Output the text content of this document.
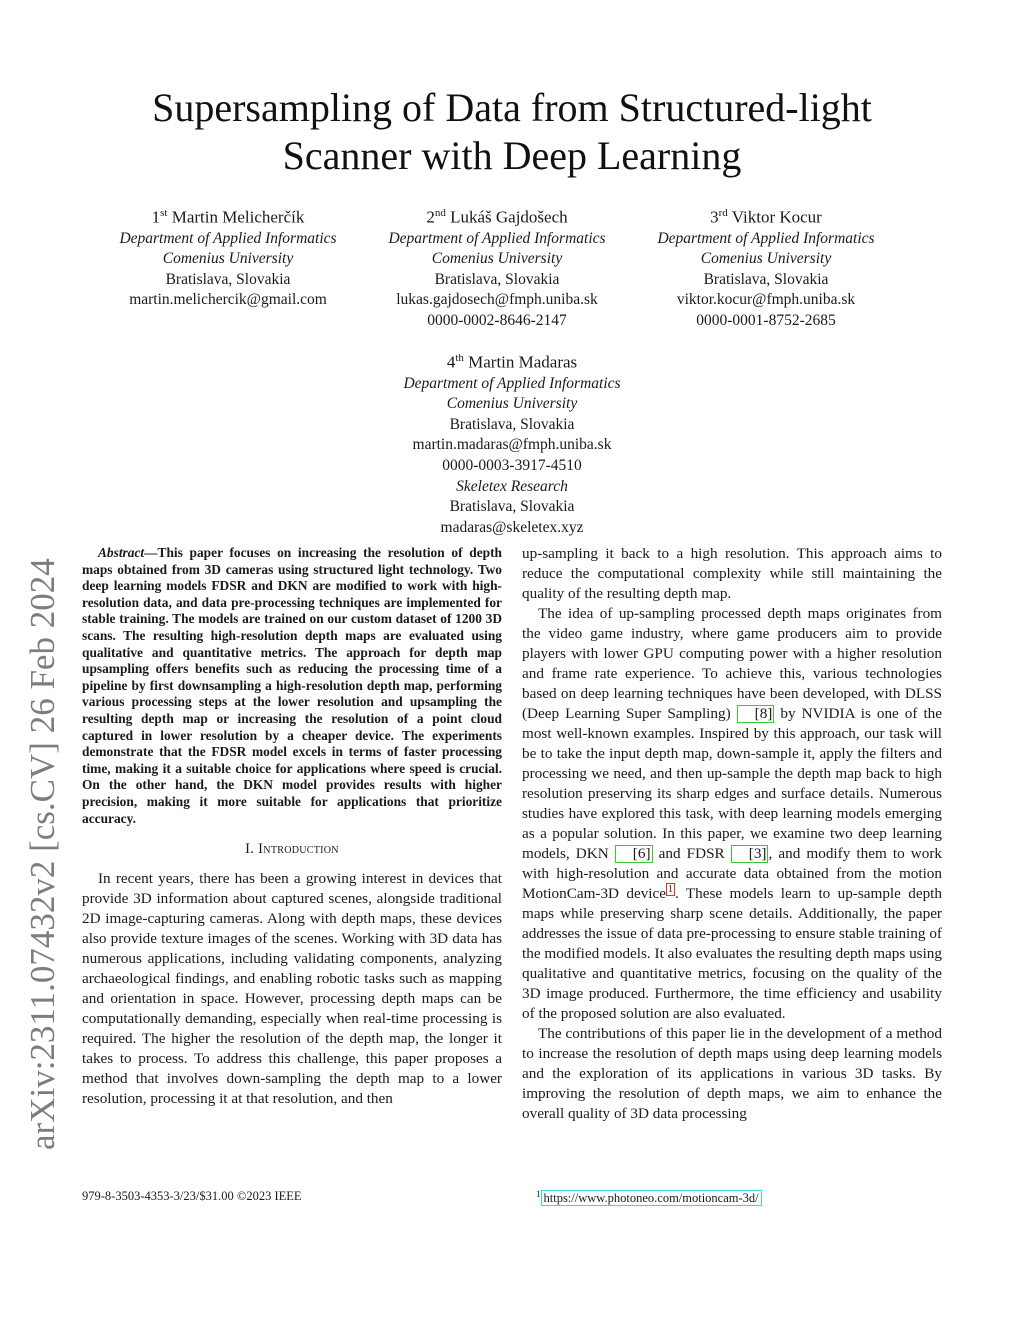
arXiv:2311.07432v2 [cs.CV] 26 Feb 2024
Supersampling of Data from Structured-light
Scanner with Deep Learning
1st Martin Melicherčík
Department of Applied Informatics
Comenius University
Bratislava, Slovakia
martin.melichercik@gmail.com
2nd Lukáš Gajdošech
Department of Applied Informatics
Comenius University
Bratislava, Slovakia
lukas.gajdosech@fmph.uniba.sk
0000-0002-8646-2147
3rd Viktor Kocur
Department of Applied Informatics
Comenius University
Bratislava, Slovakia
viktor.kocur@fmph.uniba.sk
0000-0001-8752-2685
4th Martin Madaras
Department of Applied Informatics
Comenius University
Bratislava, Slovakia
martin.madaras@fmph.uniba.sk
0000-0003-3917-4510
Skeletex Research
Bratislava, Slovakia
madaras@skeletex.xyz

Abstract—This paper focuses on increasing the resolution of depth maps obtained from 3D cameras using structured light technology. Two deep learning models FDSR and DKN are modified to work with high-resolution data, and data pre-processing techniques are implemented for stable training. The models are trained on our custom dataset of 1200 3D scans. The resulting high-resolution depth maps are evaluated using qualitative and quantitative metrics. The approach for depth map upsampling offers benefits such as reducing the processing time of a pipeline by first downsampling a high-resolution depth map, performing various processing steps at the lower resolution and upsampling the resulting depth map or increasing the resolution of a point cloud captured in lower resolution by a cheaper device. The experiments demonstrate that the FDSR model excels in terms of faster processing time, making it a suitable choice for applications where speed is crucial. On the other hand, the DKN model provides results with higher precision, making it more suitable for applications that prioritize accuracy.

I. Introduction

In recent years, there has been a growing interest in devices that provide 3D information about captured scenes, alongside traditional 2D image-capturing cameras. Along with depth maps, these devices also provide texture images of the scenes. Working with 3D data has numerous applications, including validating components, analyzing archaeological findings, and enabling robotic tasks such as mapping and orientation in space. However, processing depth maps can be computationally demanding, especially when real-time processing is required. The higher the resolution of the depth map, the longer it takes to process. To address this challenge, this paper proposes a method that involves down-sampling the depth map to a lower resolution, processing it at that resolution, and then

up-sampling it back to a high resolution. This approach aims to reduce the computational complexity while still maintaining the quality of the resulting depth map.

The idea of up-sampling processed depth maps originates from the video game industry, where game producers aim to provide players with lower GPU computing power with a higher resolution and frame rate experience. To achieve this, various technologies based on deep learning techniques have been developed, with DLSS (Deep Learning Super Sampling) [8] by NVIDIA is one of the most well-known examples. Inspired by this approach, our task will be to take the input depth map, down-sample it, apply the filters and processing we need, and then up-sample the depth map back to high resolution preserving its sharp edges and surface details. Numerous studies have explored this task, with deep learning models emerging as a popular solution. In this paper, we examine two deep learning models, DKN [6] and FDSR [3] , and modify them to work with high-resolution and accurate data obtained from the motion MotionCam-3D device $^1$ . These models learn to up-sample depth maps while preserving sharp scene details. Additionally, the paper addresses the issue of data pre-processing to ensure stable training of the modified models. It also evaluates the resulting depth maps using qualitative and quantitative metrics, focusing on the quality of the 3D image produced. Furthermore, the time efficiency and usability of the proposed solution are also evaluated.

The contributions of this paper lie in the development of a method to increase the resolution of depth maps using deep learning models and the exploration of its applications in various 3D tasks. By improving the resolution of depth maps, we aim to enhance the overall quality of 3D data processing

979-8-3503-4353-3/23/$31.00 ©2023 IEEE	$^1$ https://www.photoneo.com/motioncam-3d/
